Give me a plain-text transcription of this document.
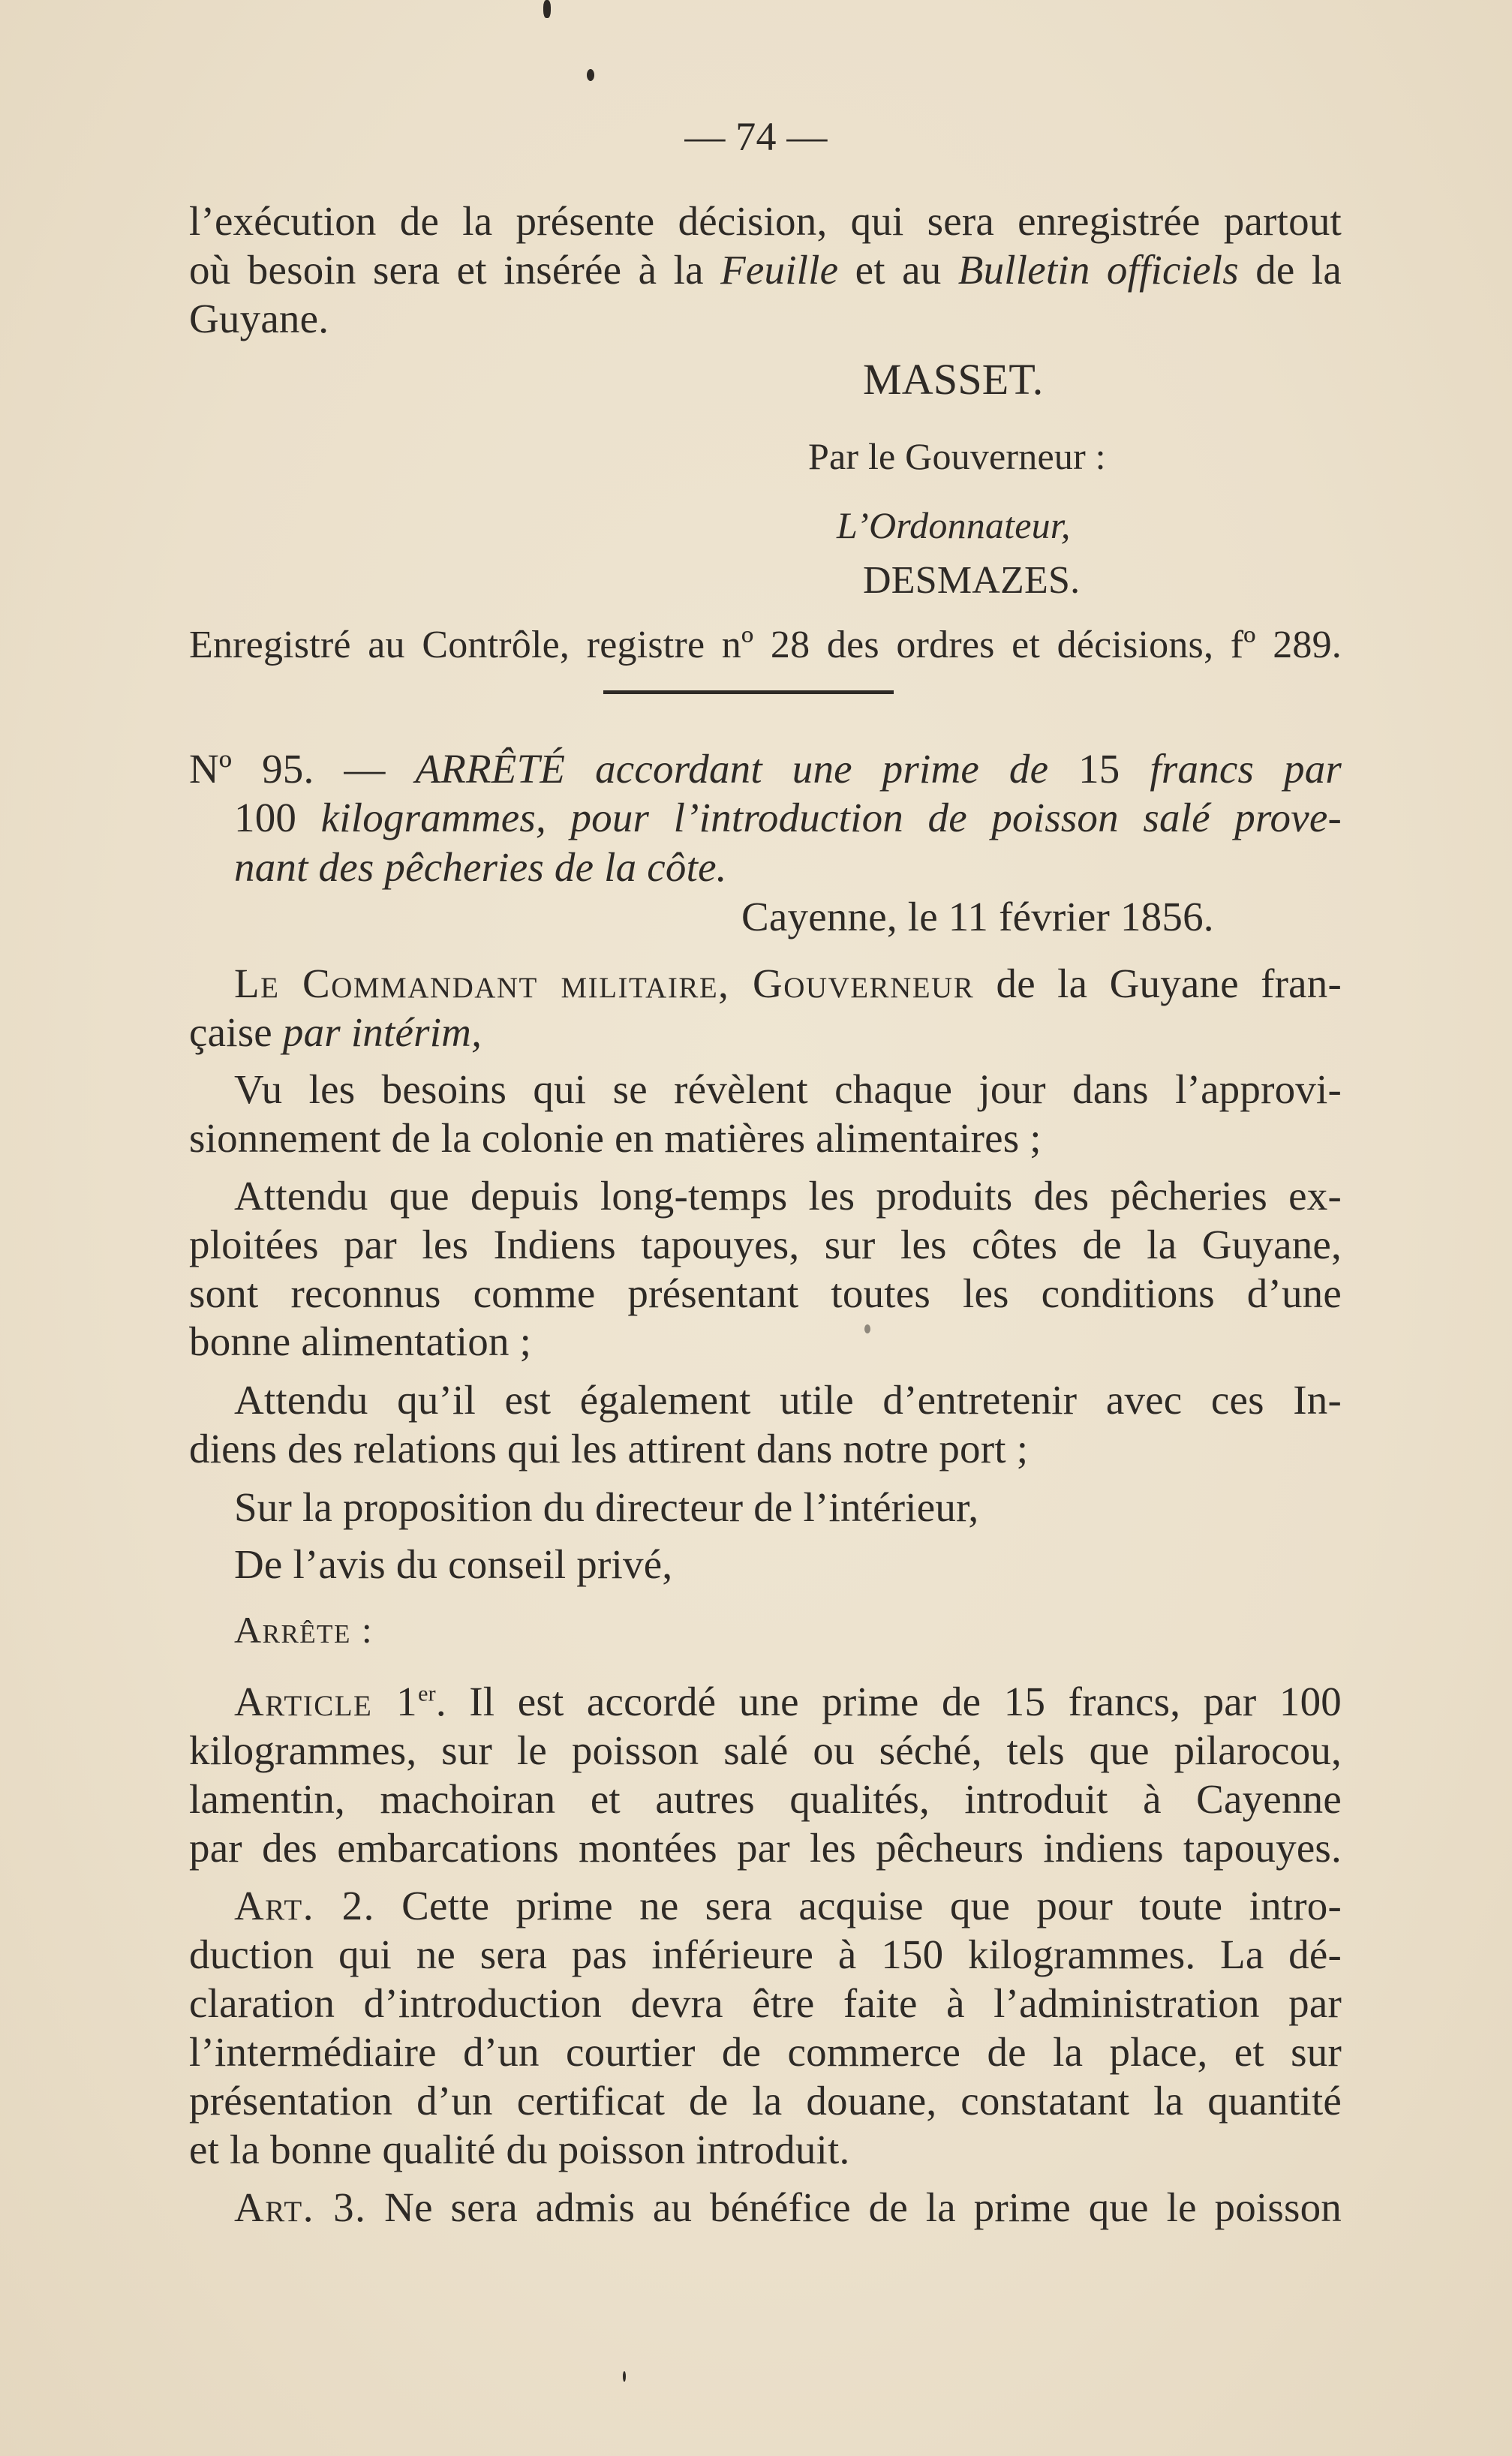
— 74 —
l’exécution de la présente décision, qui sera enregistrée partout
où besoin sera et insérée à la Feuille et au Bulletin officiels de la
Guyane.
MASSET.
Par le Gouverneur :
L’Ordonnateur,
DESMAZES.
Enregistré au Contrôle, registre nº 28 des ordres et décisions, fº 289.
Nº 95. — ARRÊTÉ accordant une prime de 15 francs par
100 kilogrammes, pour l’introduction de poisson salé prove-
nant des pêcheries de la côte.
Cayenne, le 11 février 1856.
Le Commandant militaire, Gouverneur de la Guyane fran-
çaise par intérim,
Vu les besoins qui se révèlent chaque jour dans l’approvi-
sionnement de la colonie en matières alimentaires ;
Attendu que depuis long-temps les produits des pêcheries ex-
ploitées par les Indiens tapouyes, sur les côtes de la Guyane,
sont reconnus comme présentant toutes les conditions d’une
bonne alimentation ;
Attendu qu’il est également utile d’entretenir avec ces In-
diens des relations qui les attirent dans notre port ;
Sur la proposition du directeur de l’intérieur,
De l’avis du conseil privé,
Arrête :
Article 1er. Il est accordé une prime de 15 francs, par 100
kilogrammes, sur le poisson salé ou séché, tels que pilarocou,
lamentin, machoiran et autres qualités, introduit à Cayenne
par des embarcations montées par les pêcheurs indiens tapouyes.
Art. 2. Cette prime ne sera acquise que pour toute intro-
duction qui ne sera pas inférieure à 150 kilogrammes. La dé-
claration d’introduction devra être faite à l’administration par
l’intermédiaire d’un courtier de commerce de la place, et sur
présentation d’un certificat de la douane, constatant la quantité
et la bonne qualité du poisson introduit.
Art. 3. Ne sera admis au bénéfice de la prime que le poisson
